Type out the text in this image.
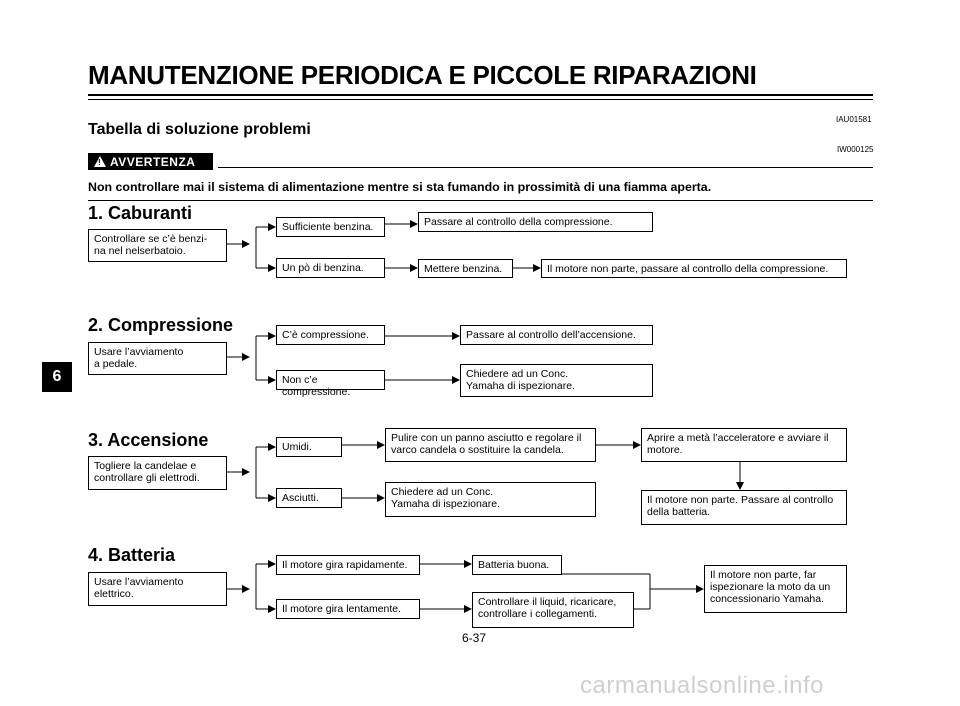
MANUTENZIONE PERIODICA E PICCOLE RIPARAZIONI
IAU01581
Tabella di soluzione problemi
IW000125
! AVVERTENZA
Non controllare mai il sistema di alimentazione mentre si sta fumando in prossimità di una fiamma aperta.
6
1. Caburanti
Controllare se c’è benzi-
na nel nelserbatoio.
Sufficiente benzina.	Passare al controllo della compressione.
Un pò di benzina.	Mettere benzina.	Il motore non parte, passare al controllo della compressione.
2. Compressione
Usare l’avviamento
a pedale.
C’è compressione.	Passare al controllo dell’accensione.
Non c’e compressione.
Chiedere ad un Conc.
Yamaha di ispezionare.
3. Accensione
Togliere la candelae e
controllare gli elettrodi.
Umidi.
Pulire con un panno asciutto e regolare il
varco candela o sostituire la candela.
Aprire a metà l’acceleratore e avviare il
motore.
Il motore non parte. Passare al controllo
della batteria.
Asciutti.	Chiedere ad un Conc.
Yamaha di ispezionare.
4. Batteria
Usare l’avviamento
elettrico.
Il motore gira rapidamente.	Batteria buona.
Il motore gira lentamente.
Controllare il liquid, ricaricare,
controllare i collegamenti.
Il motore non parte, far
ispezionare la moto da un
concessionario Yamaha.
6-37
carmanualsonline.info
